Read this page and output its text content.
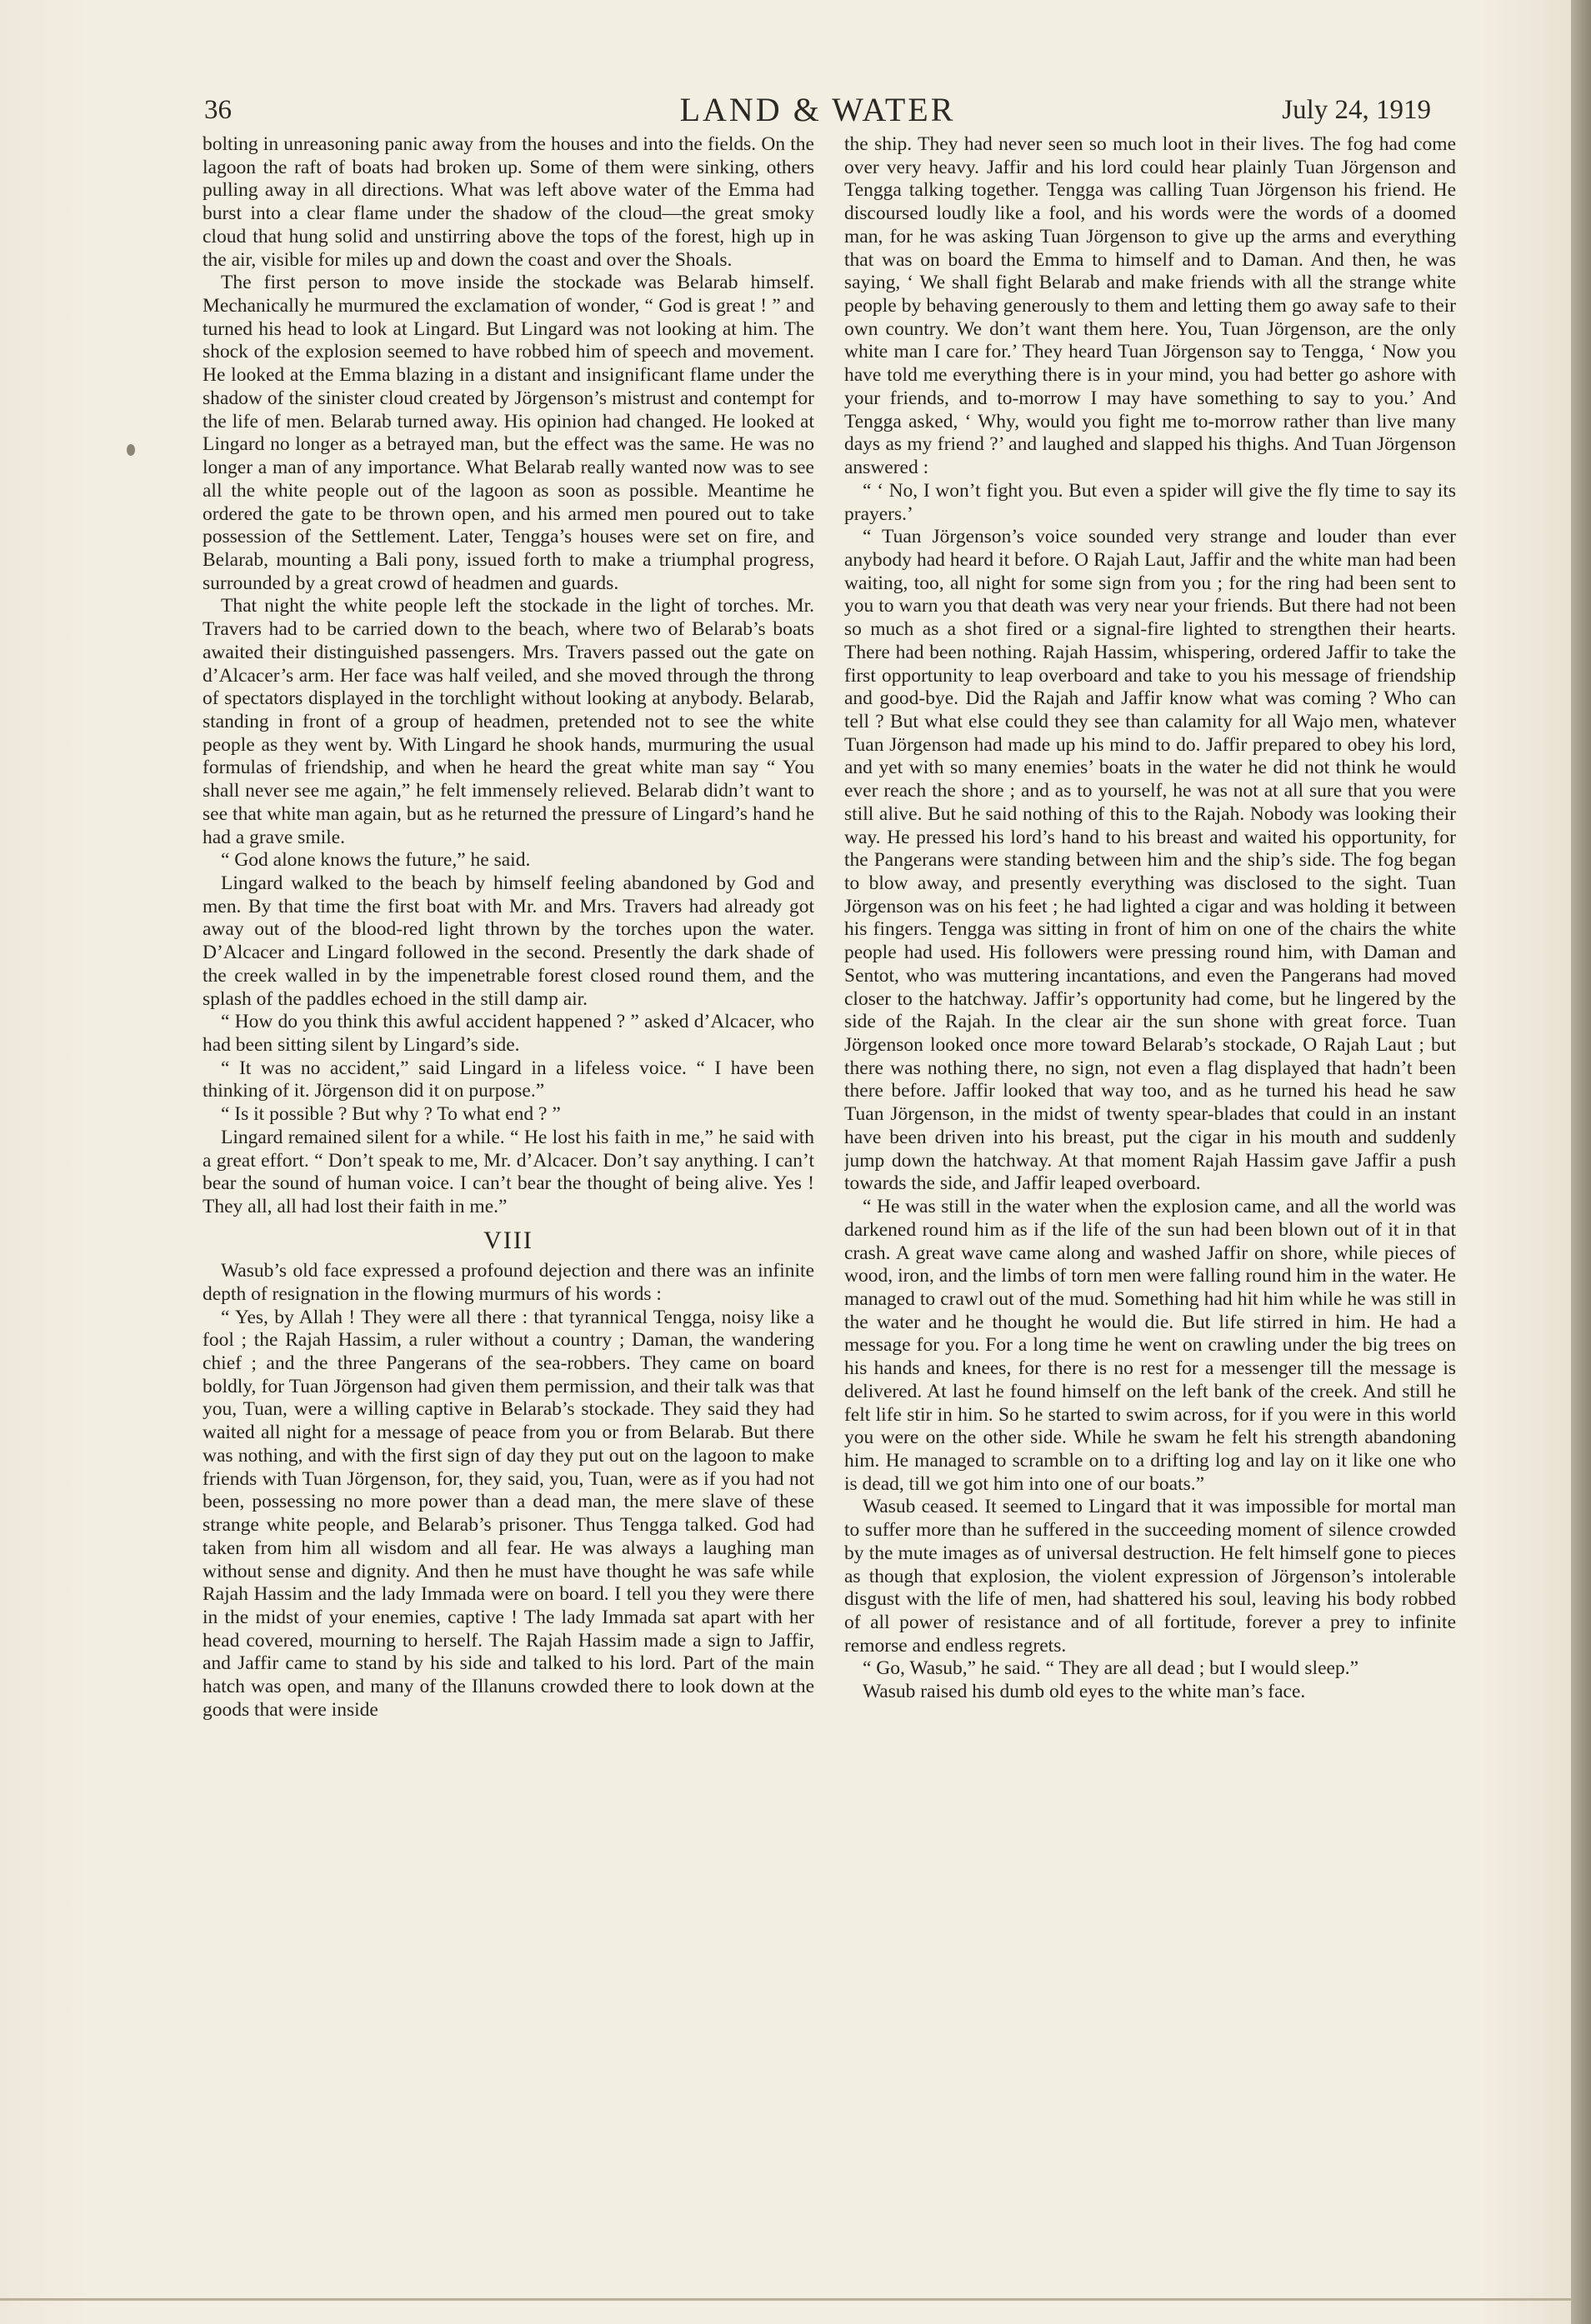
36	LAND & WATER	July 24, 1919

bolting in unreasoning panic away from the houses and into the fields. On the lagoon the raft of boats had broken up. Some of them were sinking, others pulling away in all directions. What was left above water of the Emma had burst into a clear flame under the shadow of the cloud—the great smoky cloud that hung solid and unstirring above the tops of the forest, high up in the air, visible for miles up and down the coast and over the Shoals.

The first person to move inside the stockade was Belarab himself. Mechanically he murmured the exclamation of wonder, “ God is great ! ” and turned his head to look at Lingard. But Lingard was not looking at him. The shock of the explosion seemed to have robbed him of speech and movement. He looked at the Emma blazing in a distant and insignificant flame under the shadow of the sinister cloud created by Jörgenson’s mistrust and contempt for the life of men. Belarab turned away. His opinion had changed. He looked at Lingard no longer as a betrayed man, but the effect was the same. He was no longer a man of any importance. What Belarab really wanted now was to see all the white people out of the lagoon as soon as possible. Meantime he ordered the gate to be thrown open, and his armed men poured out to take possession of the Settlement. Later, Tengga’s houses were set on fire, and Belarab, mounting a Bali pony, issued forth to make a triumphal progress, surrounded by a great crowd of headmen and guards.

That night the white people left the stockade in the light of torches. Mr. Travers had to be carried down to the beach, where two of Belarab’s boats awaited their distinguished passengers. Mrs. Travers passed out the gate on d’Alcacer’s arm. Her face was half veiled, and she moved through the throng of spectators displayed in the torchlight without looking at anybody. Belarab, standing in front of a group of headmen, pretended not to see the white people as they went by. With Lingard he shook hands, murmuring the usual formulas of friendship, and when he heard the great white man say “ You shall never see me again,” he felt immensely relieved. Belarab didn’t want to see that white man again, but as he returned the pressure of Lingard’s hand he had a grave smile.

“ God alone knows the future,” he said.

Lingard walked to the beach by himself feeling abandoned by God and men. By that time the first boat with Mr. and Mrs. Travers had already got away out of the blood-red light thrown by the torches upon the water. D’Alcacer and Lingard followed in the second. Presently the dark shade of the creek walled in by the impenetrable forest closed round them, and the splash of the paddles echoed in the still damp air.

“ How do you think this awful accident happened ? ” asked d’Alcacer, who had been sitting silent by Lingard’s side.

“ It was no accident,” said Lingard in a lifeless voice. “ I have been thinking of it. Jörgenson did it on purpose.”

“ Is it possible ? But why ? To what end ? ”

Lingard remained silent for a while. “ He lost his faith in me,” he said with a great effort. “ Don’t speak to me, Mr. d’Alcacer. Don’t say anything. I can’t bear the sound of human voice. I can’t bear the thought of being alive. Yes ! They all, all had lost their faith in me.”

VIII

Wasub’s old face expressed a profound dejection and there was an infinite depth of resignation in the flowing murmurs of his words :

“ Yes, by Allah ! They were all there : that tyrannical Tengga, noisy like a fool ; the Rajah Hassim, a ruler without a country ; Daman, the wandering chief ; and the three Pangerans of the sea-robbers. They came on board boldly, for Tuan Jörgenson had given them permission, and their talk was that you, Tuan, were a willing captive in Belarab’s stockade. They said they had waited all night for a message of peace from you or from Belarab. But there was nothing, and with the first sign of day they put out on the lagoon to make friends with Tuan Jörgenson, for, they said, you, Tuan, were as if you had not been, possessing no more power than a dead man, the mere slave of these strange white people, and Belarab’s prisoner. Thus Tengga talked. God had taken from him all wisdom and all fear. He was always a laughing man without sense and dignity. And then he must have thought he was safe while Rajah Hassim and the lady Immada were on board. I tell you they were there in the midst of your enemies, captive ! The lady Immada sat apart with her head covered, mourning to herself. The Rajah Hassim made a sign to Jaffir, and Jaffir came to stand by his side and talked to his lord. Part of the main hatch was open, and many of the Illanuns crowded there to look down at the goods that were inside

the ship. They had never seen so much loot in their lives. The fog had come over very heavy. Jaffir and his lord could hear plainly Tuan Jörgenson and Tengga talking together. Tengga was calling Tuan Jörgenson his friend. He discoursed loudly like a fool, and his words were the words of a doomed man, for he was asking Tuan Jörgenson to give up the arms and everything that was on board the Emma to himself and to Daman. And then, he was saying, ‘ We shall fight Belarab and make friends with all the strange white people by behaving generously to them and letting them go away safe to their own country. We don’t want them here. You, Tuan Jörgenson, are the only white man I care for.’ They heard Tuan Jörgenson say to Tengga, ‘ Now you have told me everything there is in your mind, you had better go ashore with your friends, and to-morrow I may have something to say to you.’ And Tengga asked, ‘ Why, would you fight me to-morrow rather than live many days as my friend ?’ and laughed and slapped his thighs. And Tuan Jörgenson answered :

“ ‘ No, I won’t fight you. But even a spider will give the fly time to say its prayers.’

“ Tuan Jörgenson’s voice sounded very strange and louder than ever anybody had heard it before. O Rajah Laut, Jaffir and the white man had been waiting, too, all night for some sign from you ; for the ring had been sent to you to warn you that death was very near your friends. But there had not been so much as a shot fired or a signal-fire lighted to strengthen their hearts. There had been nothing. Rajah Hassim, whispering, ordered Jaffir to take the first opportunity to leap overboard and take to you his message of friendship and good-bye. Did the Rajah and Jaffir know what was coming ? Who can tell ? But what else could they see than calamity for all Wajo men, whatever Tuan Jörgenson had made up his mind to do. Jaffir prepared to obey his lord, and yet with so many enemies’ boats in the water he did not think he would ever reach the shore ; and as to yourself, he was not at all sure that you were still alive. But he said nothing of this to the Rajah. Nobody was looking their way. He pressed his lord’s hand to his breast and waited his opportunity, for the Pangerans were standing between him and the ship’s side. The fog began to blow away, and presently everything was disclosed to the sight. Tuan Jörgenson was on his feet ; he had lighted a cigar and was holding it between his fingers. Tengga was sitting in front of him on one of the chairs the white people had used. His followers were pressing round him, with Daman and Sentot, who was muttering incantations, and even the Pangerans had moved closer to the hatchway. Jaffir’s opportunity had come, but he lingered by the side of the Rajah. In the clear air the sun shone with great force. Tuan Jörgenson looked once more toward Belarab’s stockade, O Rajah Laut ; but there was nothing there, no sign, not even a flag displayed that hadn’t been there before. Jaffir looked that way too, and as he turned his head he saw Tuan Jörgenson, in the midst of twenty spear-blades that could in an instant have been driven into his breast, put the cigar in his mouth and suddenly jump down the hatchway. At that moment Rajah Hassim gave Jaffir a push towards the side, and Jaffir leaped overboard.

“ He was still in the water when the explosion came, and all the world was darkened round him as if the life of the sun had been blown out of it in that crash. A great wave came along and washed Jaffir on shore, while pieces of wood, iron, and the limbs of torn men were falling round him in the water. He managed to crawl out of the mud. Something had hit him while he was still in the water and he thought he would die. But life stirred in him. He had a message for you. For a long time he went on crawling under the big trees on his hands and knees, for there is no rest for a messenger till the message is delivered. At last he found himself on the left bank of the creek. And still he felt life stir in him. So he started to swim across, for if you were in this world you were on the other side. While he swam he felt his strength abandoning him. He managed to scramble on to a drifting log and lay on it like one who is dead, till we got him into one of our boats.”

Wasub ceased. It seemed to Lingard that it was impossible for mortal man to suffer more than he suffered in the succeeding moment of silence crowded by the mute images as of universal destruction. He felt himself gone to pieces as though that explosion, the violent expression of Jörgenson’s intolerable disgust with the life of men, had shattered his soul, leaving his body robbed of all power of resistance and of all fortitude, forever a prey to infinite remorse and endless regrets.

“ Go, Wasub,” he said. “ They are all dead ; but I would sleep.”

Wasub raised his dumb old eyes to the white man’s face.
